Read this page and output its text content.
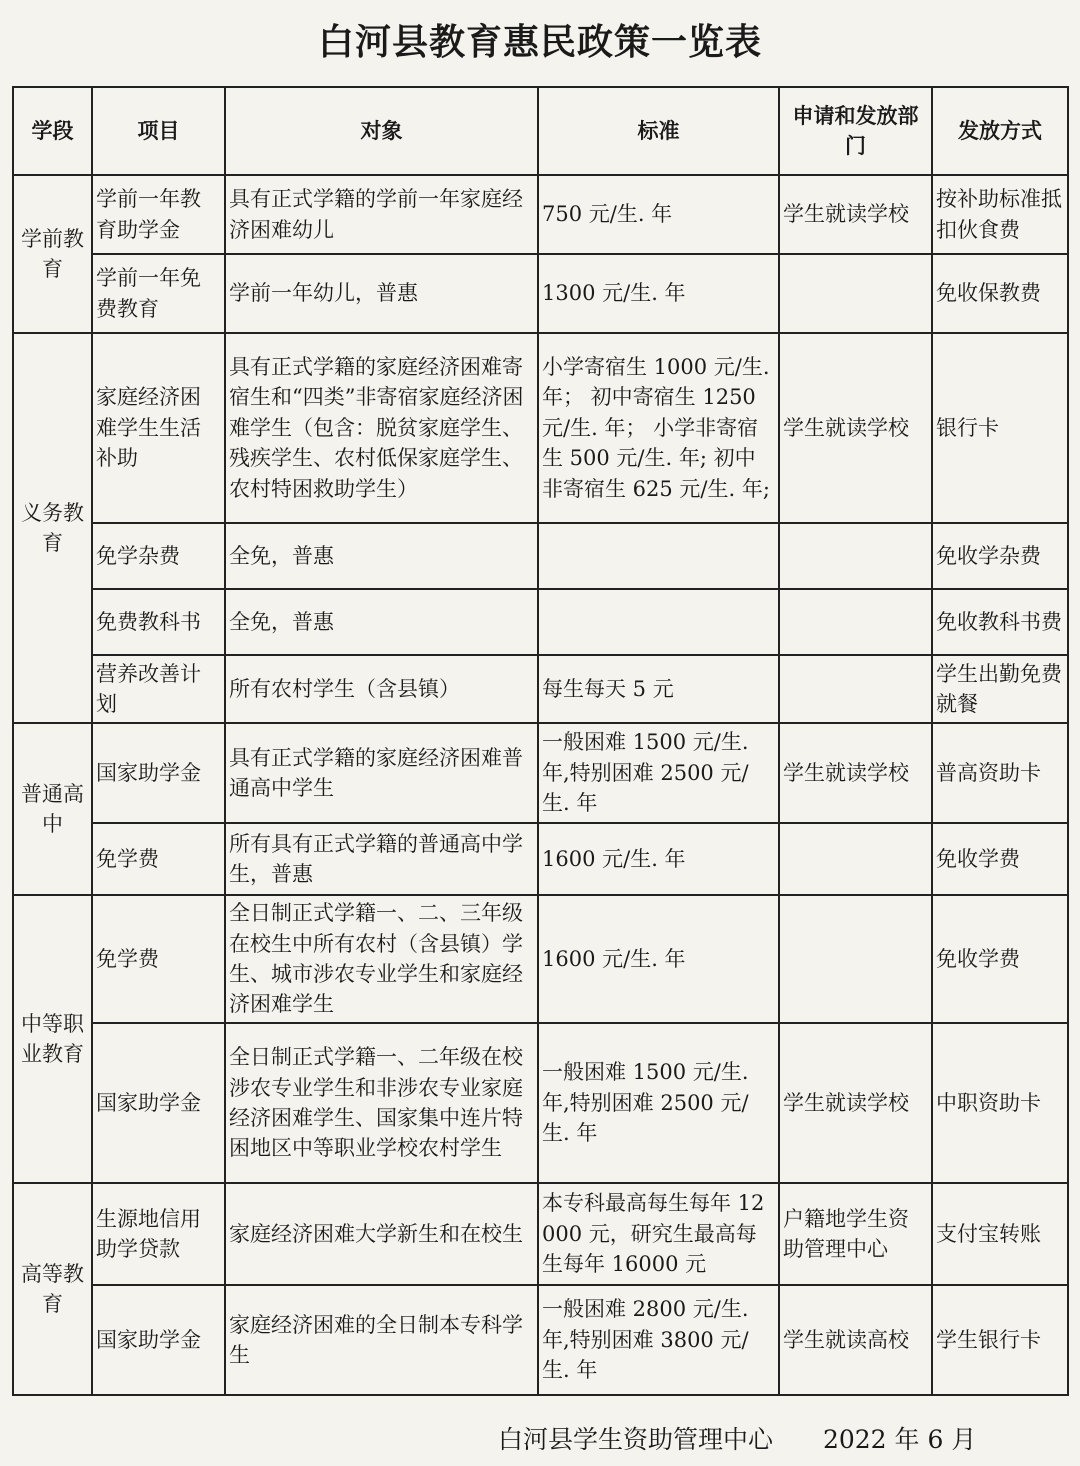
白河县教育惠民政策一览表
学段	项目	对象	标准	申请和发放部门	发放方式
学前教育	学前一年教育助学金	具有正式学籍的学前一年家庭经济困难幼儿	750 元/生. 年	学生就读学校	按补助标准抵扣伙食费
	学前一年免费教育	学前一年幼儿，普惠	1300 元/生. 年		免收保教费
义务教育	家庭经济困难学生生活补助	具有正式学籍的家庭经济困难寄宿生和“四类”非寄宿家庭经济困难学生（包含：脱贫家庭学生、残疾学生、农村低保家庭学生、农村特困救助学生）	小学寄宿生 1000 元/生. 年； 初中寄宿生 1250 元/生. 年； 小学非寄宿生 500 元/生. 年; 初中非寄宿生 625 元/生. 年;	学生就读学校	银行卡
	免学杂费	全免，普惠			免收学杂费
	免费教科书	全免，普惠			免收教科书费
	营养改善计划	所有农村学生（含县镇）	每生每天 5 元		学生出勤免费就餐
普通高中	国家助学金	具有正式学籍的家庭经济困难普通高中学生	一般困难 1500 元/生. 年,特别困难 2500 元/生. 年	学生就读学校	普高资助卡
	免学费	所有具有正式学籍的普通高中学生，普惠	1600 元/生. 年		免收学费
中等职业教育	免学费	全日制正式学籍一、二、三年级在校生中所有农村（含县镇）学生、城市涉农专业学生和家庭经济困难学生	1600 元/生. 年		免收学费
	国家助学金	全日制正式学籍一、二年级在校涉农专业学生和非涉农专业家庭经济困难学生、国家集中连片特困地区中等职业学校农村学生	一般困难 1500 元/生. 年,特别困难 2500 元/生. 年	学生就读学校	中职资助卡
高等教育	生源地信用助学贷款	家庭经济困难大学新生和在校生	本专科最高每生每年 12000 元，研究生最高每生每年 16000 元	户籍地学生资助管理中心	支付宝转账
	国家助学金	家庭经济困难的全日制本专科学生	一般困难 2800 元/生. 年,特别困难 3800 元/生. 年	学生就读高校	学生银行卡
白河县学生资助管理中心 2022 年 6 月
